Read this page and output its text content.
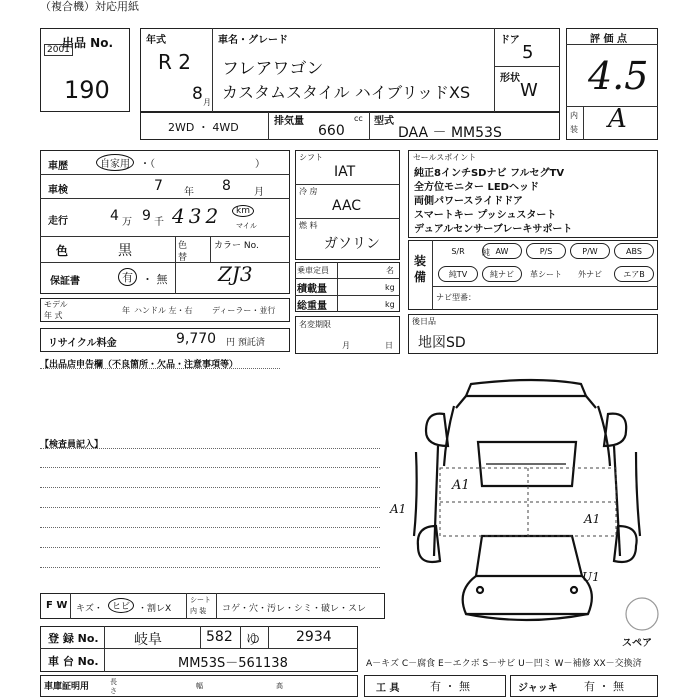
（複合機）対応用紙
出品 No.
2001
190
年式
R 2
8 月
車名・グレード
フレアワゴン
カスタムスタイル ハイブリッドXS
ドア
5
形状
W
評 価 点
4.5
内
装 A
2WD ・ 4WD	排気量
660
cc 型式
DAA － MM53S
車歴	自家用	・（　　　　　　　　　　）
車検	7 年 8 月
走行	4 万 9 千 432	km
マイル
色	黒	色
替
カラー No.
ZJ3
保証書	有 ・ 無
モデル
年 式
年 ハンドル 左・右 ディーラー・並行
リサイクル料金	9,770 円 預託済
【出品店申告欄（不良箇所・欠品・注意事項等）
シフト
IAT
冷 房
AAC
燃 料
ガソリン
乗車定員	名
積載量	kg
総重量	kg
名変期限
月	日
セールスポイント
純正8インチSDナビ フルセグTV
全方位モニター LEDヘッド
両側パワースライドドア
スマートキー プッシュスタート
デュアルセンサーブレーキサポート
装
備
純
ナビ型番：
後日品
地図SD
【検査員記入】
A1
A1
A1
U1
スペア
F W キズ・	ヒビ ・割レX
シート
内 装 コゲ・穴・汚レ・シミ・破レ・スレ
登 録 No.	岐阜	582 ゆ	2934
車 台 No.	MM53S－561138	A－キズ C－腐食 E－エクボ S－サビ U－凹ミ W－補修 XX－交換済
車庫証明用	長
さ
幅	高	工 具	有 ・ 無	ジャッキ 有 ・ 無
S/R	AW	P/S	P/W	ABS
純TV	純ナビ	革シート	外ナビ	エアB
